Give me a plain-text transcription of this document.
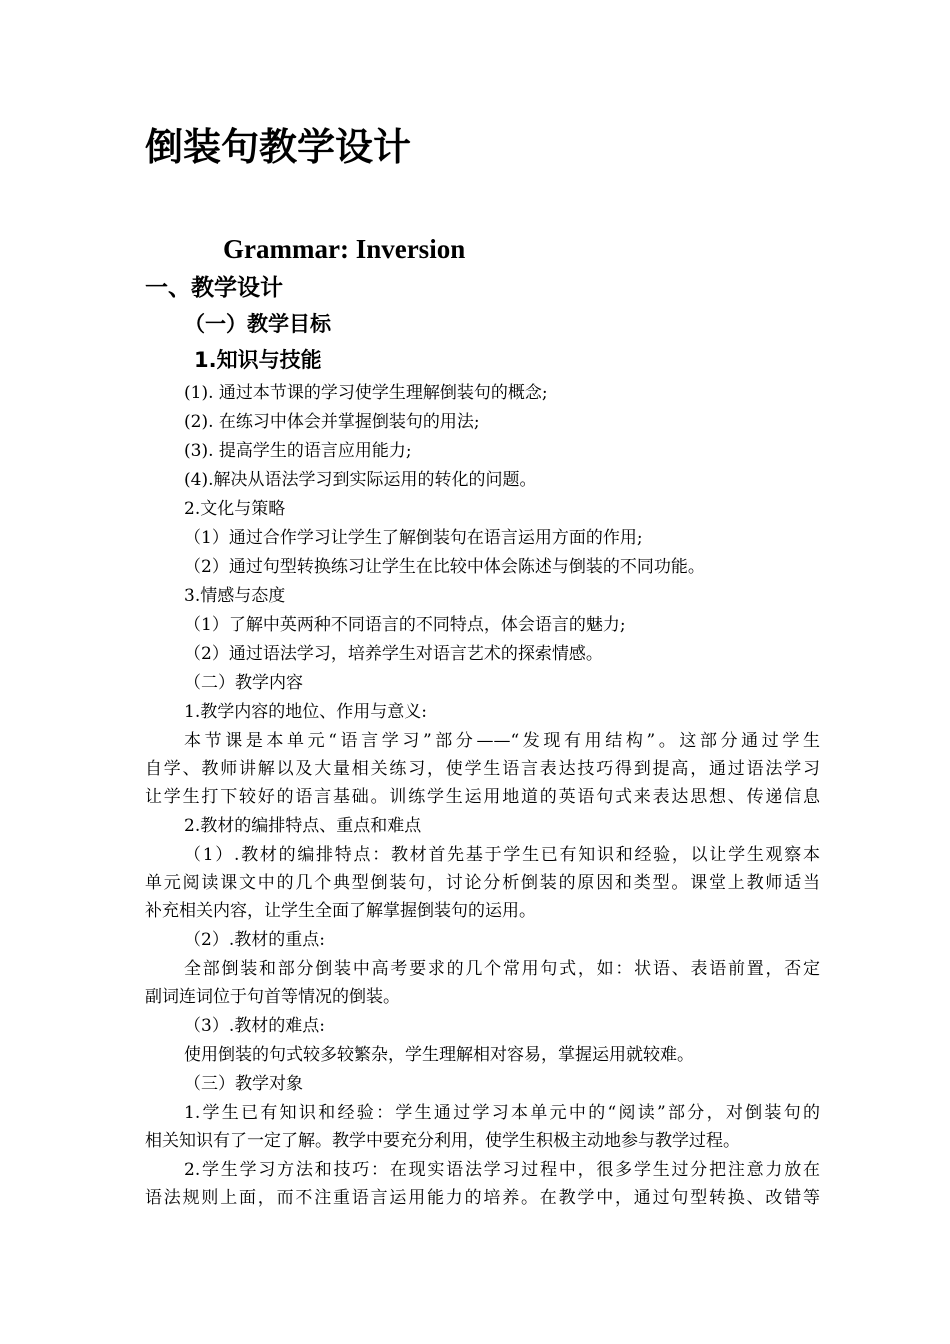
倒装句教学设计
Grammar: Inversion
一、教学设计
（一）教学目标
1.知识与技能
(1). 通过本节课的学习使学生理解倒装句的概念;
(2). 在练习中体会并掌握倒装句的用法;
(3). 提高学生的语言应用能力;
(4).解决从语法学习到实际运用的转化的问题。
2.文化与策略
（1）通过合作学习让学生了解倒装句在语言运用方面的作用;
（2）通过句型转换练习让学生在比较中体会陈述与倒装的不同功能。
3.情感与态度
（1）了解中英两种不同语言的不同特点，体会语言的魅力;
（2）通过语法学习，培养学生对语言艺术的探索情感。
（二）教学内容
1.教学内容的地位、作用与意义:
本节课是本单元“语言学习”部分——“发现有用结构”。这部分通过学生
自学、教师讲解以及大量相关练习，使学生语言表达技巧得到提高，通过语法学习
让学生打下较好的语言基础。训练学生运用地道的英语句式来表达思想、传递信息
2.教材的编排特点、重点和难点
（1）.教材的编排特点：教材首先基于学生已有知识和经验，以让学生观察本
单元阅读课文中的几个典型倒装句，讨论分析倒装的原因和类型。课堂上教师适当
补充相关内容，让学生全面了解掌握倒装句的运用。
（2）.教材的重点:
全部倒装和部分倒装中高考要求的几个常用句式，如：状语、表语前置，否定
副词连词位于句首等情况的倒装。
（3）.教材的难点:
使用倒装的句式较多较繁杂，学生理解相对容易，掌握运用就较难。
（三）教学对象
1.学生已有知识和经验：学生通过学习本单元中的“阅读”部分，对倒装句的
相关知识有了一定了解。教学中要充分利用，使学生积极主动地参与教学过程。
2.学生学习方法和技巧：在现实语法学习过程中，很多学生过分把注意力放在
语法规则上面，而不注重语言运用能力的培养。在教学中，通过句型转换、改错等
